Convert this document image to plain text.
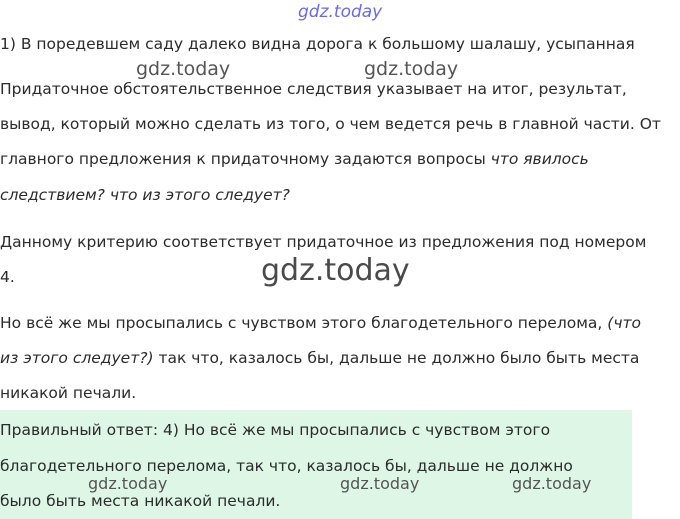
gdz.today
1) В поредевшем саду далеко видна дорога к большому шалашу, усыпанная
gdz.today	gdz.today
Придаточное обстоятельственное следствия указывает на итог, результат,
вывод, который можно сделать из того, о чем ведется речь в главной части. От
главного предложения к придаточному задаются вопросы что явилось
следствием? что из этого следует?
Данному критерию соответствует придаточное из предложения под номером
4.	gdz.today
Но всё же мы просыпались с чувством этого благодетельного перелома, (что
из этого следует?) так что, казалось бы, дальше не должно было быть места
никакой печали.
Правильный ответ: 4) Но всё же мы просыпались с чувством этого
благодетельного перелома, так что, казалось бы, дальше не должно
было быть места никакой печали.
gdz.today	gdz.today	gdz.today
